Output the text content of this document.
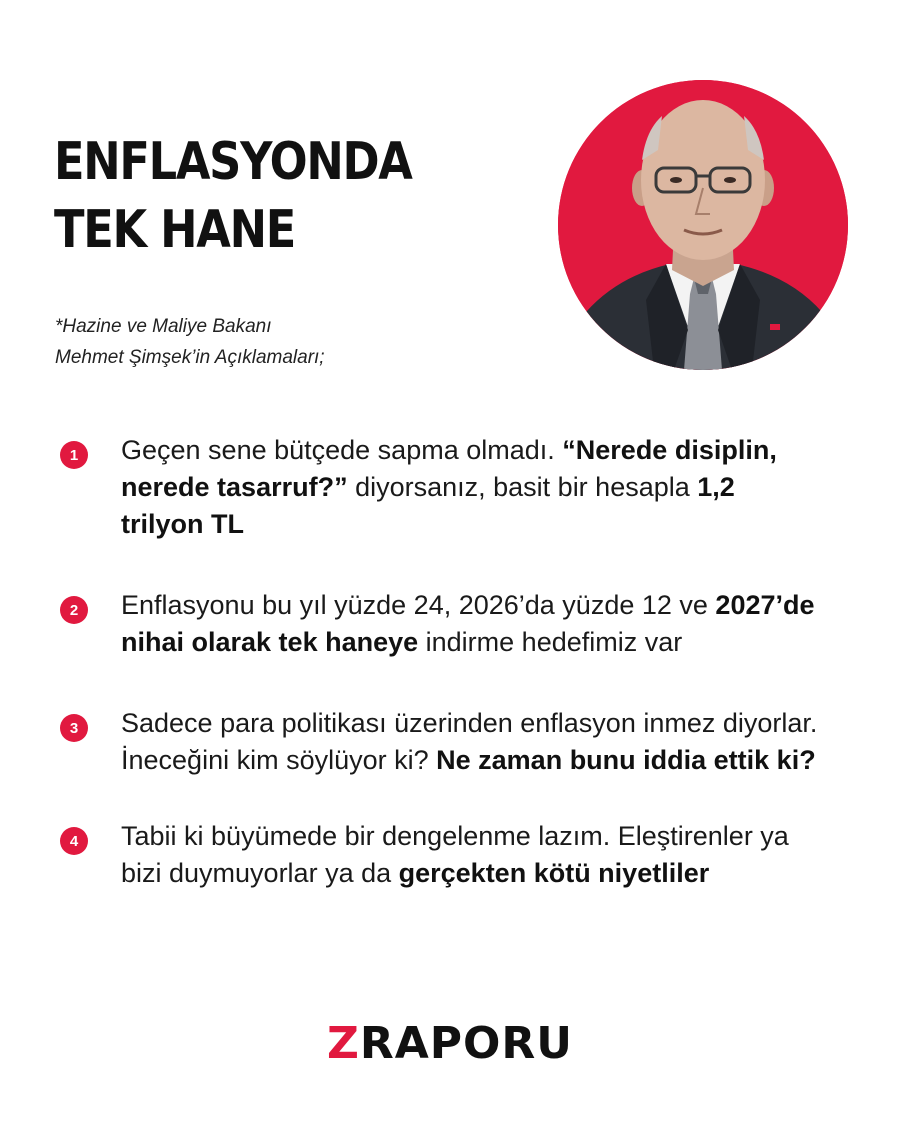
ENFLASYONDA
TEK HANE
*Hazine ve Maliye Bakanı
Mehmet Şimşek’in Açıklamaları;
1	Geçen sene bütçede sapma olmadı. “Nerede disiplin, nerede tasarruf?” diyorsanız, basit bir hesapla 1,2 trilyon TL
2	Enflasyonu bu yıl yüzde 24, 2026’da yüzde 12 ve 2027’de nihai olarak tek haneye indirme hedefimiz var
3	Sadece para politikası üzerinden enflasyon inmez diyorlar. İneceğini kim söylüyor ki? Ne zaman bunu iddia ettik ki?
4	Tabii ki büyümede bir dengelenme lazım. Eleştirenler ya bizi duymuyorlar ya da gerçekten kötü niyetliler
ZRAPORU
